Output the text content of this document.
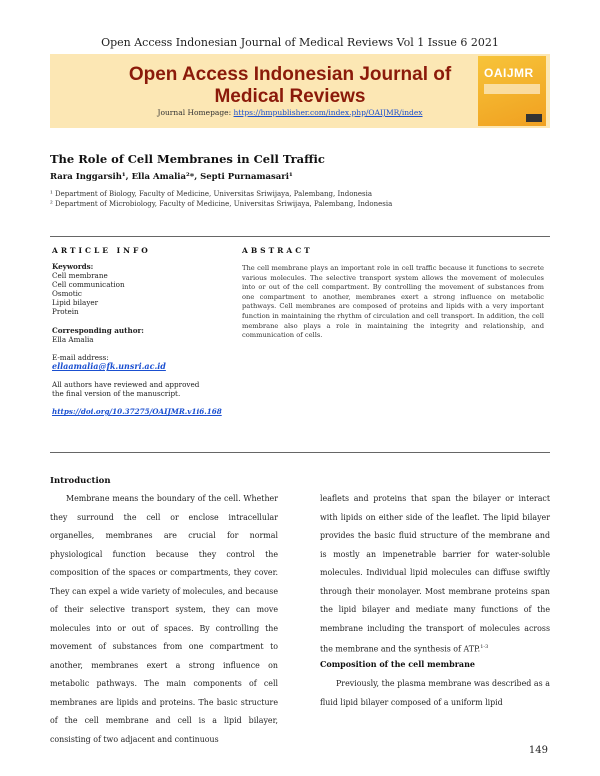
Open Access Indonesian Journal of Medical Reviews Vol 1 Issue 6 2021
Open Access Indonesian Journal of Medical Reviews
Journal Homepage: https://hmpublisher.com/index.php/OAIJMR/index
OAIJMR
The Role of Cell Membranes in Cell Traffic
Rara Inggarsih¹, Ella Amalia²*, Septi Purnamasari¹
¹ Department of Biology, Faculty of Medicine, Universitas Sriwijaya, Palembang, Indonesia
² Department of Microbiology, Faculty of Medicine, Universitas Sriwijaya, Palembang, Indonesia
ARTICLE INFO	ABSTRACT
Keywords:
Cell membrane
Cell communication
Osmotic
Lipid bilayer
Protein
Corresponding author:
Ella Amalia
E-mail address:
ellaamalia@fk.unsri.ac.id
All authors have reviewed and approved
the final version of the manuscript.
https://doi.org/10.37275/OAIJMR.v1i6.168
The cell membrane plays an important role in cell traffic because it functions to secrete various molecules. The selective transport system allows the movement of molecules into or out of the cell compartment. By controlling the movement of substances from one compartment to another, membranes exert a strong influence on metabolic pathways. Cell membranes are composed of proteins and lipids with a very important function in maintaining the rhythm of circulation and cell transport. In addition, the cell membrane also plays a role in maintaining the integrity and relationship, and communication of cells.
Introduction

Membrane means the boundary of the cell. Whether they surround the cell or enclose intracellular organelles, membranes are crucial for normal physiological function because they control the composition of the spaces or compartments, they cover. They can expel a wide variety of molecules, and because of their selective transport system, they can move molecules into or out of spaces. By controlling the movement of substances from one compartment to another, membranes exert a strong influence on metabolic pathways. The main components of cell membranes are lipids and proteins. The basic structure of the cell membrane and cell is a lipid bilayer, consisting of two adjacent and continuous

leaflets and proteins that span the bilayer or interact with lipids on either side of the leaflet. The lipid bilayer provides the basic fluid structure of the membrane and is mostly an impenetrable barrier for water-soluble molecules. Individual lipid molecules can diffuse swiftly through their monolayer. Most membrane proteins span the lipid bilayer and mediate many functions of the membrane including the transport of molecules across the membrane and the synthesis of ATP.$^{1-3}$

Composition of the cell membrane

Previously, the plasma membrane was described as a fluid lipid bilayer composed of a uniform lipid

149
